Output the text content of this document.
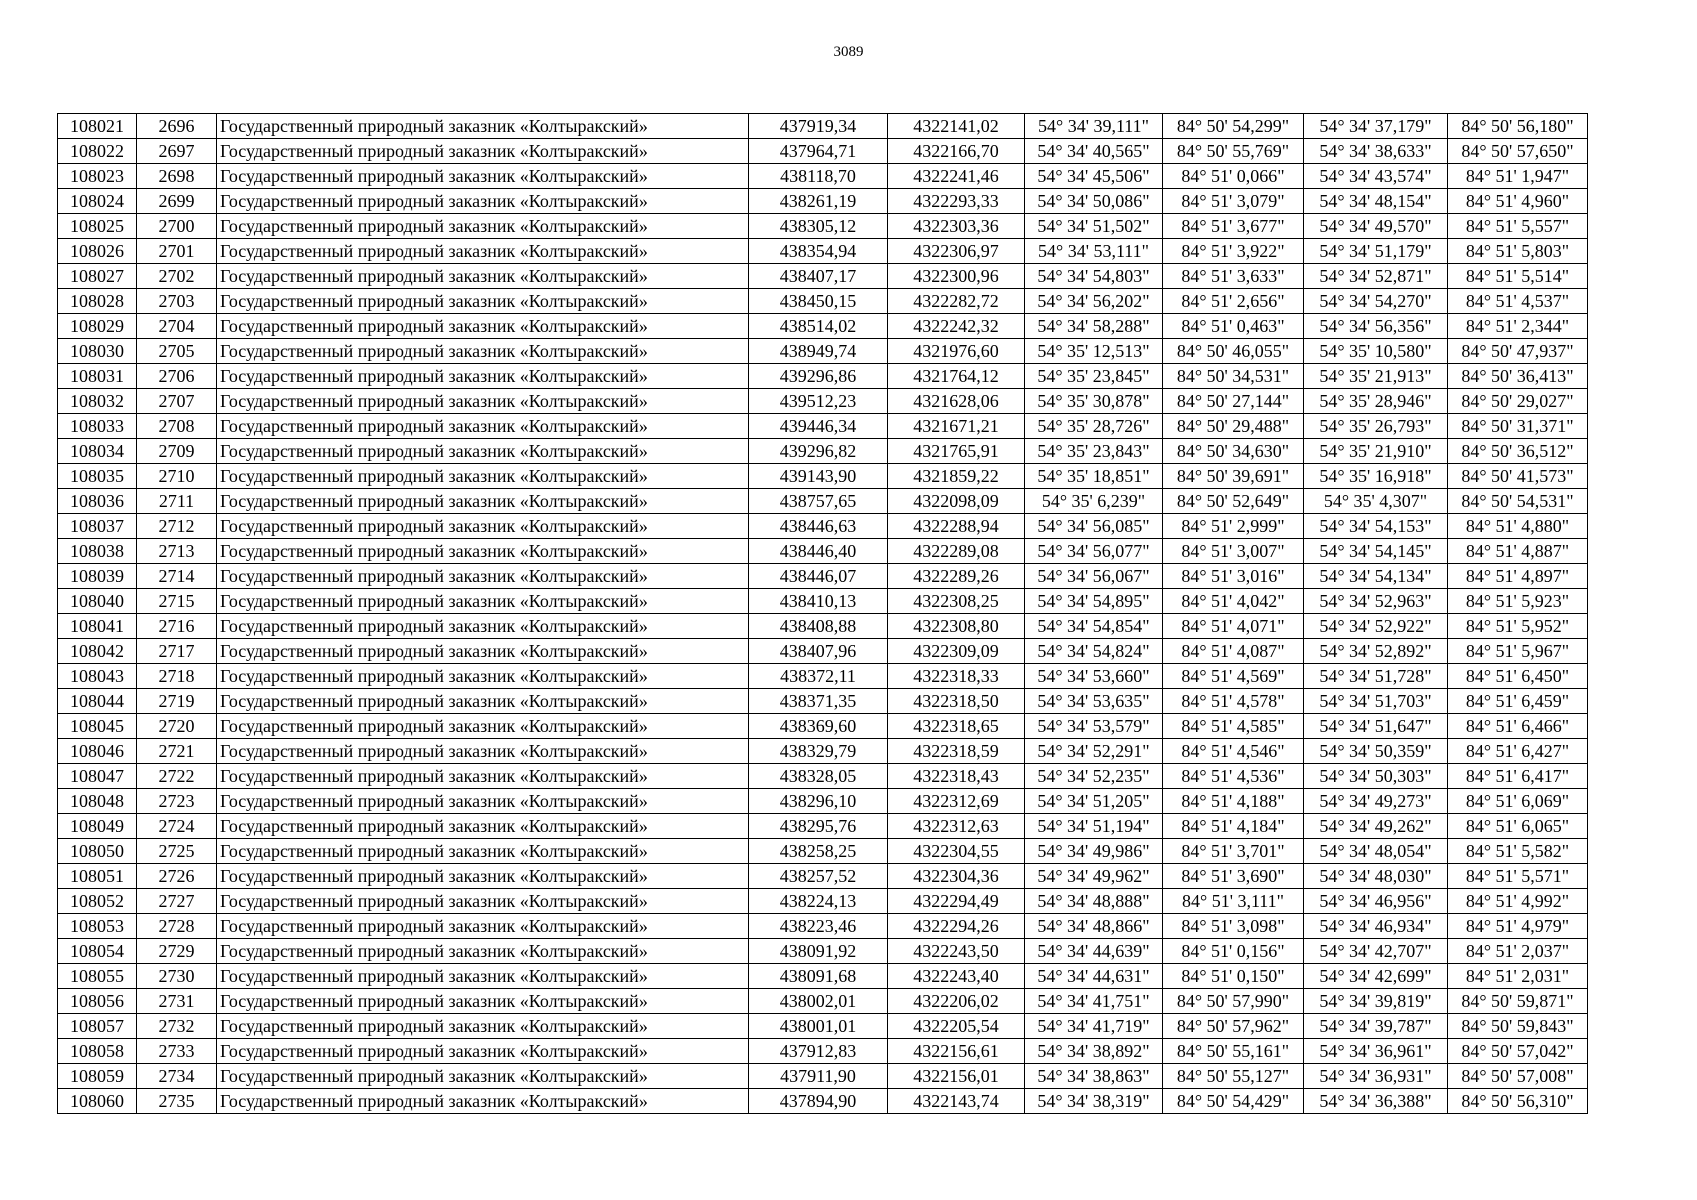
3089
108021	2696	Государственный природный заказник «Колтыракский»	437919,34	4322141,02	54° 34' 39,111"	84° 50' 54,299"	54° 34' 37,179"	84° 50' 56,180"
108022	2697	Государственный природный заказник «Колтыракский»	437964,71	4322166,70	54° 34' 40,565"	84° 50' 55,769"	54° 34' 38,633"	84° 50' 57,650"
108023	2698	Государственный природный заказник «Колтыракский»	438118,70	4322241,46	54° 34' 45,506"	84° 51' 0,066"	54° 34' 43,574"	84° 51' 1,947"
108024	2699	Государственный природный заказник «Колтыракский»	438261,19	4322293,33	54° 34' 50,086"	84° 51' 3,079"	54° 34' 48,154"	84° 51' 4,960"
108025	2700	Государственный природный заказник «Колтыракский»	438305,12	4322303,36	54° 34' 51,502"	84° 51' 3,677"	54° 34' 49,570"	84° 51' 5,557"
108026	2701	Государственный природный заказник «Колтыракский»	438354,94	4322306,97	54° 34' 53,111"	84° 51' 3,922"	54° 34' 51,179"	84° 51' 5,803"
108027	2702	Государственный природный заказник «Колтыракский»	438407,17	4322300,96	54° 34' 54,803"	84° 51' 3,633"	54° 34' 52,871"	84° 51' 5,514"
108028	2703	Государственный природный заказник «Колтыракский»	438450,15	4322282,72	54° 34' 56,202"	84° 51' 2,656"	54° 34' 54,270"	84° 51' 4,537"
108029	2704	Государственный природный заказник «Колтыракский»	438514,02	4322242,32	54° 34' 58,288"	84° 51' 0,463"	54° 34' 56,356"	84° 51' 2,344"
108030	2705	Государственный природный заказник «Колтыракский»	438949,74	4321976,60	54° 35' 12,513"	84° 50' 46,055"	54° 35' 10,580"	84° 50' 47,937"
108031	2706	Государственный природный заказник «Колтыракский»	439296,86	4321764,12	54° 35' 23,845"	84° 50' 34,531"	54° 35' 21,913"	84° 50' 36,413"
108032	2707	Государственный природный заказник «Колтыракский»	439512,23	4321628,06	54° 35' 30,878"	84° 50' 27,144"	54° 35' 28,946"	84° 50' 29,027"
108033	2708	Государственный природный заказник «Колтыракский»	439446,34	4321671,21	54° 35' 28,726"	84° 50' 29,488"	54° 35' 26,793"	84° 50' 31,371"
108034	2709	Государственный природный заказник «Колтыракский»	439296,82	4321765,91	54° 35' 23,843"	84° 50' 34,630"	54° 35' 21,910"	84° 50' 36,512"
108035	2710	Государственный природный заказник «Колтыракский»	439143,90	4321859,22	54° 35' 18,851"	84° 50' 39,691"	54° 35' 16,918"	84° 50' 41,573"
108036	2711	Государственный природный заказник «Колтыракский»	438757,65	4322098,09	54° 35' 6,239"	84° 50' 52,649"	54° 35' 4,307"	84° 50' 54,531"
108037	2712	Государственный природный заказник «Колтыракский»	438446,63	4322288,94	54° 34' 56,085"	84° 51' 2,999"	54° 34' 54,153"	84° 51' 4,880"
108038	2713	Государственный природный заказник «Колтыракский»	438446,40	4322289,08	54° 34' 56,077"	84° 51' 3,007"	54° 34' 54,145"	84° 51' 4,887"
108039	2714	Государственный природный заказник «Колтыракский»	438446,07	4322289,26	54° 34' 56,067"	84° 51' 3,016"	54° 34' 54,134"	84° 51' 4,897"
108040	2715	Государственный природный заказник «Колтыракский»	438410,13	4322308,25	54° 34' 54,895"	84° 51' 4,042"	54° 34' 52,963"	84° 51' 5,923"
108041	2716	Государственный природный заказник «Колтыракский»	438408,88	4322308,80	54° 34' 54,854"	84° 51' 4,071"	54° 34' 52,922"	84° 51' 5,952"
108042	2717	Государственный природный заказник «Колтыракский»	438407,96	4322309,09	54° 34' 54,824"	84° 51' 4,087"	54° 34' 52,892"	84° 51' 5,967"
108043	2718	Государственный природный заказник «Колтыракский»	438372,11	4322318,33	54° 34' 53,660"	84° 51' 4,569"	54° 34' 51,728"	84° 51' 6,450"
108044	2719	Государственный природный заказник «Колтыракский»	438371,35	4322318,50	54° 34' 53,635"	84° 51' 4,578"	54° 34' 51,703"	84° 51' 6,459"
108045	2720	Государственный природный заказник «Колтыракский»	438369,60	4322318,65	54° 34' 53,579"	84° 51' 4,585"	54° 34' 51,647"	84° 51' 6,466"
108046	2721	Государственный природный заказник «Колтыракский»	438329,79	4322318,59	54° 34' 52,291"	84° 51' 4,546"	54° 34' 50,359"	84° 51' 6,427"
108047	2722	Государственный природный заказник «Колтыракский»	438328,05	4322318,43	54° 34' 52,235"	84° 51' 4,536"	54° 34' 50,303"	84° 51' 6,417"
108048	2723	Государственный природный заказник «Колтыракский»	438296,10	4322312,69	54° 34' 51,205"	84° 51' 4,188"	54° 34' 49,273"	84° 51' 6,069"
108049	2724	Государственный природный заказник «Колтыракский»	438295,76	4322312,63	54° 34' 51,194"	84° 51' 4,184"	54° 34' 49,262"	84° 51' 6,065"
108050	2725	Государственный природный заказник «Колтыракский»	438258,25	4322304,55	54° 34' 49,986"	84° 51' 3,701"	54° 34' 48,054"	84° 51' 5,582"
108051	2726	Государственный природный заказник «Колтыракский»	438257,52	4322304,36	54° 34' 49,962"	84° 51' 3,690"	54° 34' 48,030"	84° 51' 5,571"
108052	2727	Государственный природный заказник «Колтыракский»	438224,13	4322294,49	54° 34' 48,888"	84° 51' 3,111"	54° 34' 46,956"	84° 51' 4,992"
108053	2728	Государственный природный заказник «Колтыракский»	438223,46	4322294,26	54° 34' 48,866"	84° 51' 3,098"	54° 34' 46,934"	84° 51' 4,979"
108054	2729	Государственный природный заказник «Колтыракский»	438091,92	4322243,50	54° 34' 44,639"	84° 51' 0,156"	54° 34' 42,707"	84° 51' 2,037"
108055	2730	Государственный природный заказник «Колтыракский»	438091,68	4322243,40	54° 34' 44,631"	84° 51' 0,150"	54° 34' 42,699"	84° 51' 2,031"
108056	2731	Государственный природный заказник «Колтыракский»	438002,01	4322206,02	54° 34' 41,751"	84° 50' 57,990"	54° 34' 39,819"	84° 50' 59,871"
108057	2732	Государственный природный заказник «Колтыракский»	438001,01	4322205,54	54° 34' 41,719"	84° 50' 57,962"	54° 34' 39,787"	84° 50' 59,843"
108058	2733	Государственный природный заказник «Колтыракский»	437912,83	4322156,61	54° 34' 38,892"	84° 50' 55,161"	54° 34' 36,961"	84° 50' 57,042"
108059	2734	Государственный природный заказник «Колтыракский»	437911,90	4322156,01	54° 34' 38,863"	84° 50' 55,127"	54° 34' 36,931"	84° 50' 57,008"
108060	2735	Государственный природный заказник «Колтыракский»	437894,90	4322143,74	54° 34' 38,319"	84° 50' 54,429"	54° 34' 36,388"	84° 50' 56,310"
